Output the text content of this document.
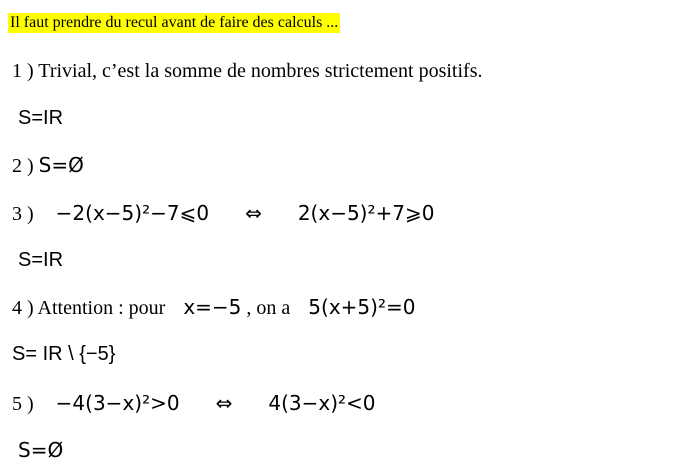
Il faut prendre du recul avant de faire des calculs ...
1 ) Trivial, c’est la somme de nombres strictement positifs.
S=IR
2 ) S=Ø
3 ) −2(x−5)²−7⩽0 ⇔ 2(x−5)²+7⩾0
S=IR
4 ) Attention : pour x=−5 , on a 5(x+5)²=0
S= IR \ {−5}
5 ) −4(3−x)²>0 ⇔ 4(3−x)²<0
S=Ø
